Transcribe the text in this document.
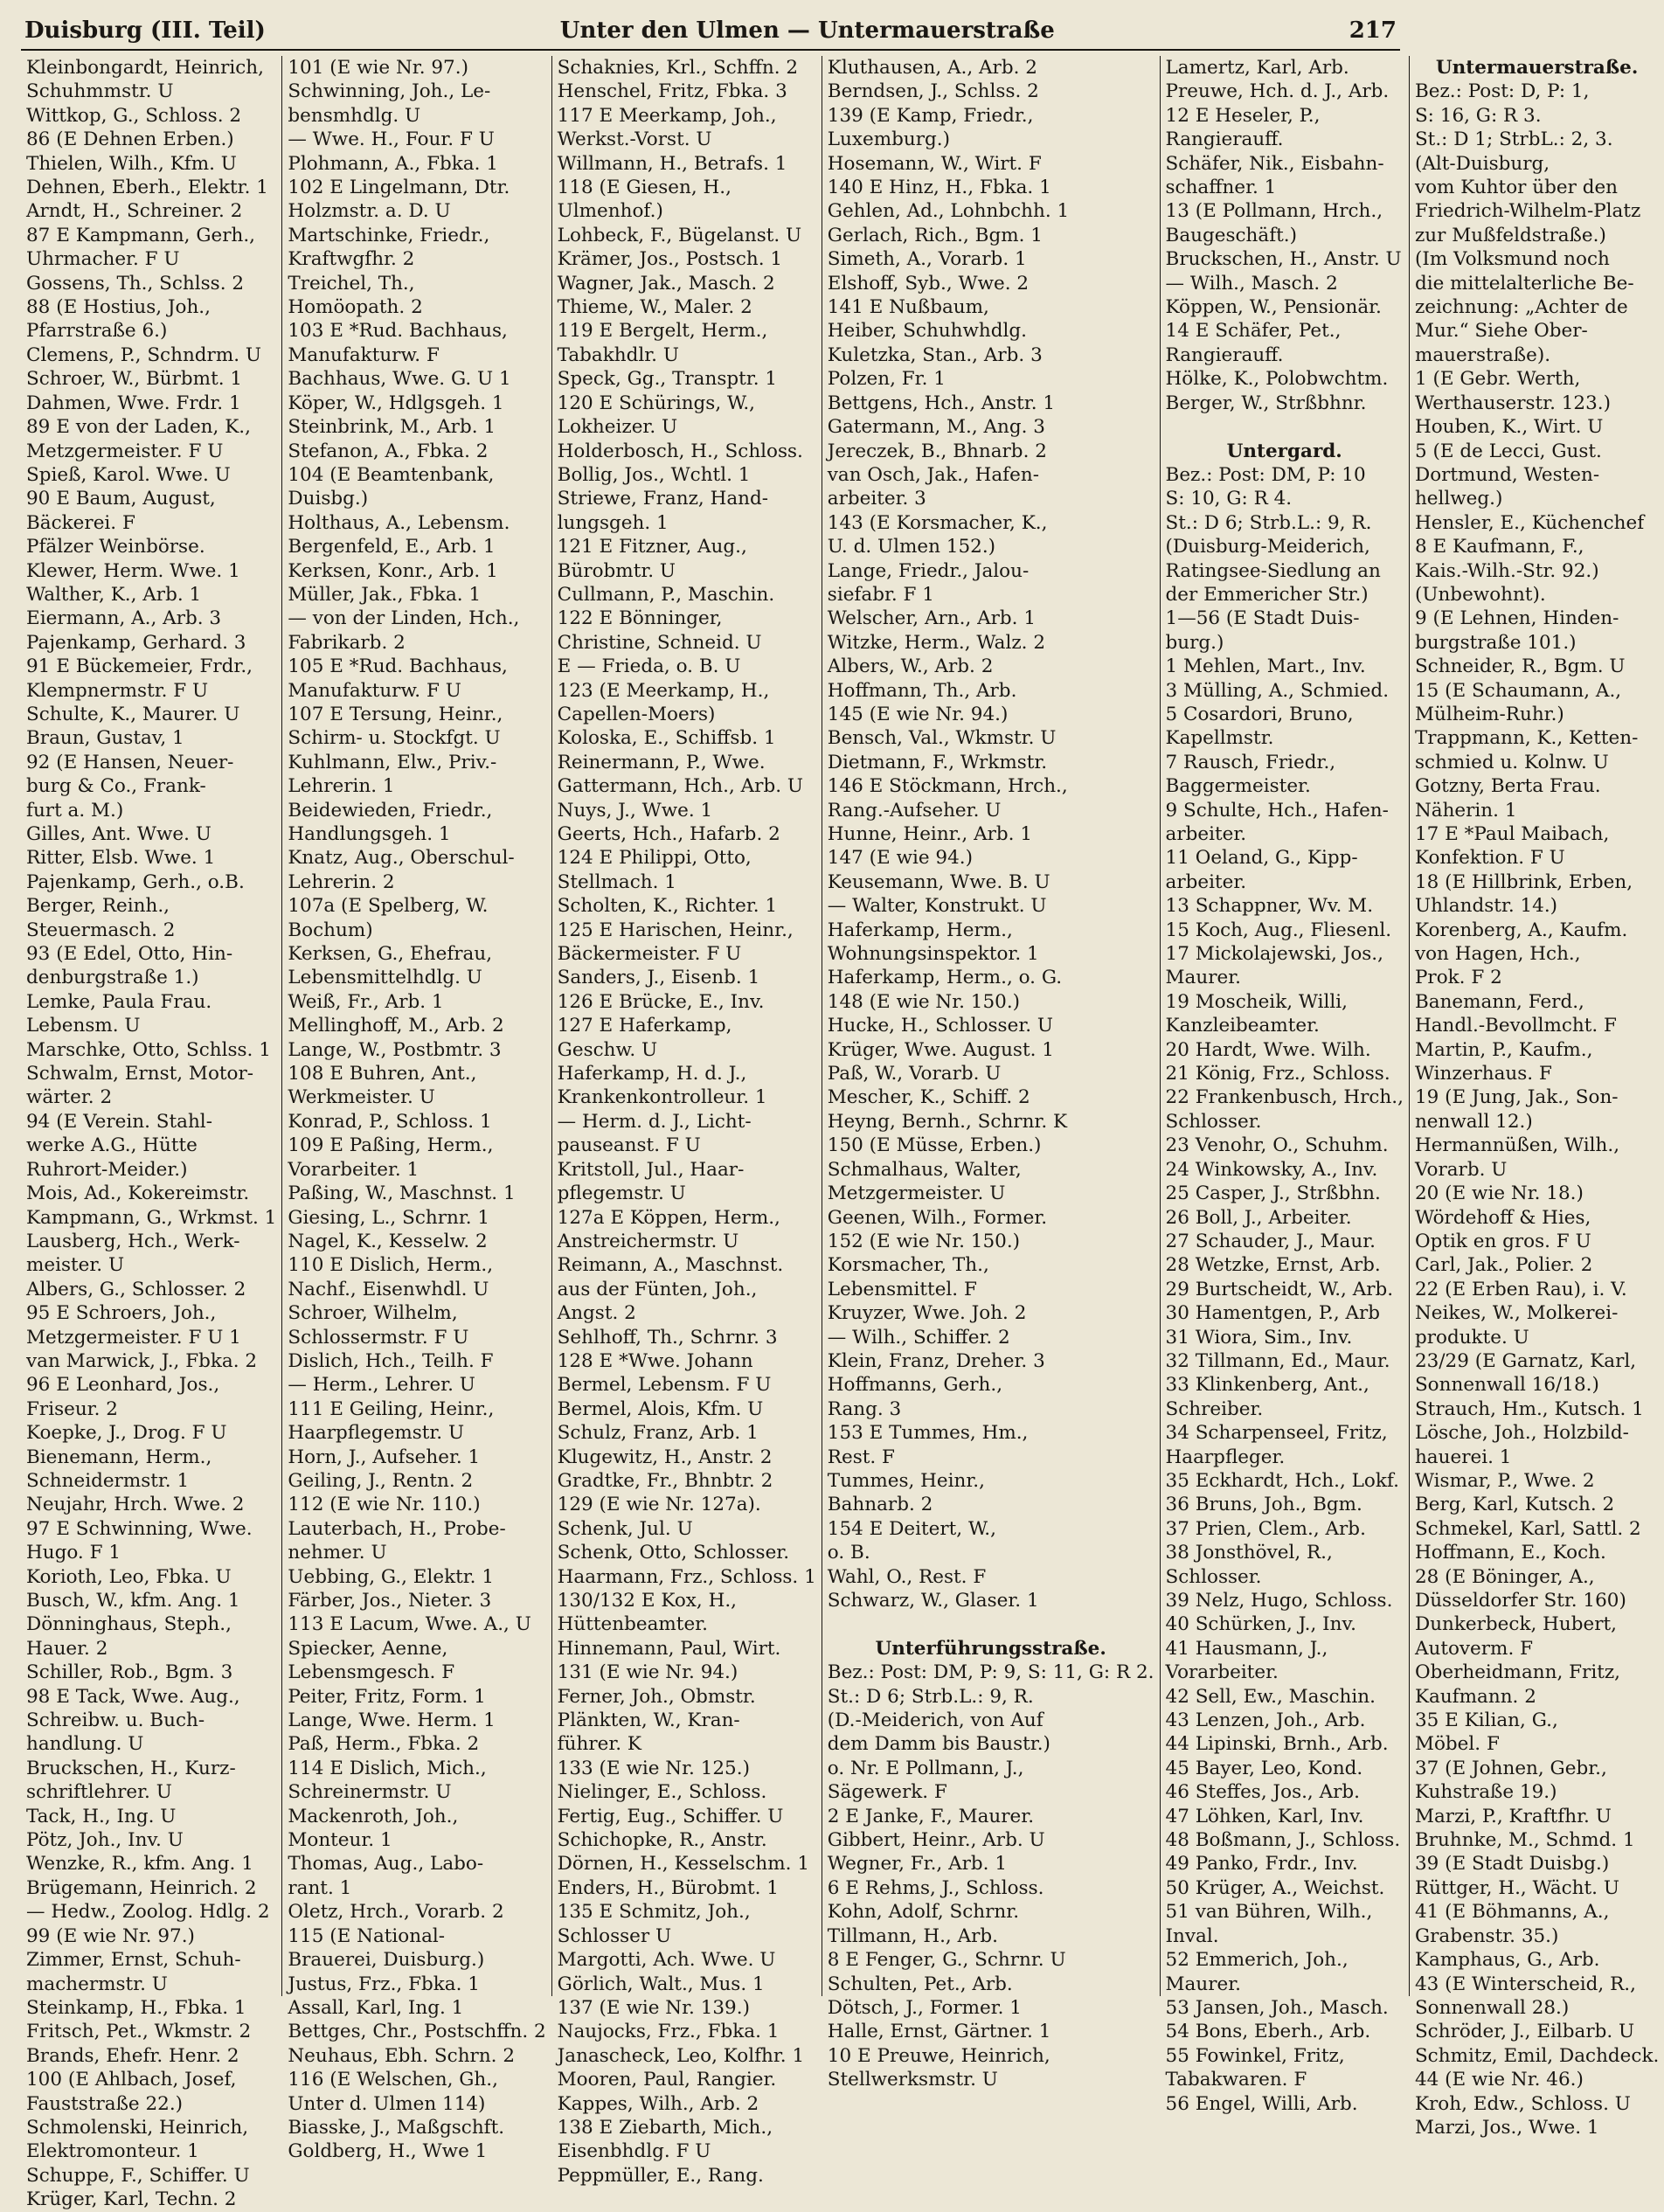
Duisburg (III. Teil)	Unter den Ulmen — Untermauerstraße	217
Kleinbongardt, Heinrich,
Schuhmmstr. U
Wittkop, G., Schloss. 2
86 (E Dehnen Erben.)
Thielen, Wilh., Kfm. U
Dehnen, Eberh., Elektr. 1
Arndt, H., Schreiner. 2
87 E Kampmann, Gerh.,
Uhrmacher. F U
Gossens, Th., Schlss. 2
88 (E Hostius, Joh.,
Pfarrstraße 6.)
Clemens, P., Schndrm. U
Schroer, W., Bürbmt. 1
Dahmen, Wwe. Frdr. 1
89 E von der Laden, K.,
Metzgermeister. F U
Spieß, Karol. Wwe. U
90 E Baum, August,
Bäckerei. F
Pfälzer Weinbörse.
Klewer, Herm. Wwe. 1
Walther, K., Arb. 1
Eiermann, A., Arb. 3
Pajenkamp, Gerhard. 3
91 E Bückemeier, Frdr.,
Klempnermstr. F U
Schulte, K., Maurer. U
Braun, Gustav, 1
92 (E Hansen, Neuer-
burg & Co., Frank-
furt a. M.)
Gilles, Ant. Wwe. U
Ritter, Elsb. Wwe. 1
Pajenkamp, Gerh., o.B.
Berger, Reinh.,
Steuermasch. 2
93 (E Edel, Otto, Hin-
denburgstraße 1.)
Lemke, Paula Frau.
Lebensm. U
Marschke, Otto, Schlss. 1
Schwalm, Ernst, Motor-
wärter. 2
94 (E Verein. Stahl-
werke A.G., Hütte
Ruhrort-Meider.)
Mois, Ad., Kokereimstr.
Kampmann, G., Wrkmst. 1
Lausberg, Hch., Werk-
meister. U
Albers, G., Schlosser. 2
95 E Schroers, Joh.,
Metzgermeister. F U 1
van Marwick, J., Fbka. 2
96 E Leonhard, Jos.,
Friseur. 2
Koepke, J., Drog. F U
Bienemann, Herm.,
Schneidermstr. 1
Neujahr, Hrch. Wwe. 2
97 E Schwinning, Wwe.
Hugo. F 1
Korioth, Leo, Fbka. U
Busch, W., kfm. Ang. 1
Dönninghaus, Steph.,
Hauer. 2
Schiller, Rob., Bgm. 3
98 E Tack, Wwe. Aug.,
Schreibw. u. Buch-
handlung. U
Bruckschen, H., Kurz-
schriftlehrer. U
Tack, H., Ing. U
Pötz, Joh., Inv. U
Wenzke, R., kfm. Ang. 1
Brügemann, Heinrich. 2
— Hedw., Zoolog. Hdlg. 2
99 (E wie Nr. 97.)
Zimmer, Ernst, Schuh-
machermstr. U
Steinkamp, H., Fbka. 1
Fritsch, Pet., Wkmstr. 2
Brands, Ehefr. Henr. 2
100 (E Ahlbach, Josef,
Fauststraße 22.)
Schmolenski, Heinrich,
Elektromonteur. 1
Schuppe, F., Schiffer. U
Krüger, Karl, Techn. 2
101 (E wie Nr. 97.)
Schwinning, Joh., Le-
bensmhdlg. U
— Wwe. H., Four. F U
Plohmann, A., Fbka. 1
102 E Lingelmann, Dtr.
Holzmstr. a. D. U
Martschinke, Friedr.,
Kraftwgfhr. 2
Treichel, Th.,
Homöopath. 2
103 E *Rud. Bachhaus,
Manufakturw. F
Bachhaus, Wwe. G. U 1
Köper, W., Hdlgsgeh. 1
Steinbrink, M., Arb. 1
Stefanon, A., Fbka. 2
104 (E Beamtenbank,
Duisbg.)
Holthaus, A., Lebensm.
Bergenfeld, E., Arb. 1
Kerksen, Konr., Arb. 1
Müller, Jak., Fbka. 1
— von der Linden, Hch.,
Fabrikarb. 2
105 E *Rud. Bachhaus,
Manufakturw. F U
107 E Tersung, Heinr.,
Schirm- u. Stockfgt. U
Kuhlmann, Elw., Priv.-
Lehrerin. 1
Beidewieden, Friedr.,
Handlungsgeh. 1
Knatz, Aug., Oberschul-
Lehrerin. 2
107a (E Spelberg, W.
Bochum)
Kerksen, G., Ehefrau,
Lebensmittelhdlg. U
Weiß, Fr., Arb. 1
Mellinghoff, M., Arb. 2
Lange, W., Postbmtr. 3
108 E Buhren, Ant.,
Werkmeister. U
Konrad, P., Schloss. 1
109 E Paßing, Herm.,
Vorarbeiter. 1
Paßing, W., Maschnst. 1
Giesing, L., Schrnr. 1
Nagel, K., Kesselw. 2
110 E Dislich, Herm.,
Nachf., Eisenwhdl. U
Schroer, Wilhelm,
Schlossermstr. F U
Dislich, Hch., Teilh. F
— Herm., Lehrer. U
111 E Geiling, Heinr.,
Haarpflegemstr. U
Horn, J., Aufseher. 1
Geiling, J., Rentn. 2
112 (E wie Nr. 110.)
Lauterbach, H., Probe-
nehmer. U
Uebbing, G., Elektr. 1
Färber, Jos., Nieter. 3
113 E Lacum, Wwe. A., U
Spiecker, Aenne,
Lebensmgesch. F
Peiter, Fritz, Form. 1
Lange, Wwe. Herm. 1
Paß, Herm., Fbka. 2
114 E Dislich, Mich.,
Schreinermstr. U
Mackenroth, Joh.,
Monteur. 1
Thomas, Aug., Labo-
rant. 1
Oletz, Hrch., Vorarb. 2
115 (E National-
Brauerei, Duisburg.)
Justus, Frz., Fbka. 1
Assall, Karl, Ing. 1
Bettges, Chr., Postschffn. 2
Neuhaus, Ebh. Schrn. 2
116 (E Welschen, Gh.,
Unter d. Ulmen 114)
Biasske, J., Maßgschft.
Goldberg, H., Wwe 1
Schaknies, Krl., Schffn. 2
Henschel, Fritz, Fbka. 3
117 E Meerkamp, Joh.,
Werkst.-Vorst. U
Willmann, H., Betrafs. 1
118 (E Giesen, H.,
Ulmenhof.)
Lohbeck, F., Bügelanst. U
Krämer, Jos., Postsch. 1
Wagner, Jak., Masch. 2
Thieme, W., Maler. 2
119 E Bergelt, Herm.,
Tabakhdlr. U
Speck, Gg., Transptr. 1
120 E Schürings, W.,
Lokheizer. U
Holderbosch, H., Schloss.
Bollig, Jos., Wchtl. 1
Striewe, Franz, Hand-
lungsgeh. 1
121 E Fitzner, Aug.,
Bürobmtr. U
Cullmann, P., Maschin.
122 E Bönninger,
Christine, Schneid. U
E — Frieda, o. B. U
123 (E Meerkamp, H.,
Capellen-Moers)
Koloska, E., Schiffsb. 1
Reinermann, P., Wwe.
Gattermann, Hch., Arb. U
Nuys, J., Wwe. 1
Geerts, Hch., Hafarb. 2
124 E Philippi, Otto,
Stellmach. 1
Scholten, K., Richter. 1
125 E Harischen, Heinr.,
Bäckermeister. F U
Sanders, J., Eisenb. 1
126 E Brücke, E., Inv.
127 E Haferkamp,
Geschw. U
Haferkamp, H. d. J.,
Krankenkontrolleur. 1
— Herm. d. J., Licht-
pauseanst. F U
Kritstoll, Jul., Haar-
pflegemstr. U
127a E Köppen, Herm.,
Anstreichermstr. U
Reimann, A., Maschnst.
aus der Fünten, Joh.,
Angst. 2
Sehlhoff, Th., Schrnr. 3
128 E *Wwe. Johann
Bermel, Lebensm. F U
Bermel, Alois, Kfm. U
Schulz, Franz, Arb. 1
Klugewitz, H., Anstr. 2
Gradtke, Fr., Bhnbtr. 2
129 (E wie Nr. 127a).
Schenk, Jul. U
Schenk, Otto, Schlosser.
Haarmann, Frz., Schloss. 1
130/132 E Kox, H.,
Hüttenbeamter.
Hinnemann, Paul, Wirt.
131 (E wie Nr. 94.)
Ferner, Joh., Obmstr.
Plänkten, W., Kran-
führer. K
133 (E wie Nr. 125.)
Nielinger, E., Schloss.
Fertig, Eug., Schiffer. U
Schichopke, R., Anstr.
Dörnen, H., Kesselschm. 1
Enders, H., Bürobmt. 1
135 E Schmitz, Joh.,
Schlosser U
Margotti, Ach. Wwe. U
Görlich, Walt., Mus. 1
137 (E wie Nr. 139.)
Naujocks, Frz., Fbka. 1
Janascheck, Leo, Kolfhr. 1
Mooren, Paul, Rangier.
Kappes, Wilh., Arb. 2
138 E Ziebarth, Mich.,
Eisenbhdlg. F U
Peppmüller, E., Rang.
Kluthausen, A., Arb. 2
Berndsen, J., Schlss. 2
139 (E Kamp, Friedr.,
Luxemburg.)
Hosemann, W., Wirt. F
140 E Hinz, H., Fbka. 1
Gehlen, Ad., Lohnbchh. 1
Gerlach, Rich., Bgm. 1
Simeth, A., Vorarb. 1
Elshoff, Syb., Wwe. 2
141 E Nußbaum,
Heiber, Schuhwhdlg.
Kuletzka, Stan., Arb. 3
Polzen, Fr. 1
Bettgens, Hch., Anstr. 1
Gatermann, M., Ang. 3
Jereczek, B., Bhnarb. 2
van Osch, Jak., Hafen-
arbeiter. 3
143 (E Korsmacher, K.,
U. d. Ulmen 152.)
Lange, Friedr., Jalou-
siefabr. F 1
Welscher, Arn., Arb. 1
Witzke, Herm., Walz. 2
Albers, W., Arb. 2
Hoffmann, Th., Arb.
145 (E wie Nr. 94.)
Bensch, Val., Wkmstr. U
Dietmann, F., Wrkmstr.
146 E Stöckmann, Hrch.,
Rang.-Aufseher. U
Hunne, Heinr., Arb. 1
147 (E wie 94.)
Keusemann, Wwe. B. U
— Walter, Konstrukt. U
Haferkamp, Herm.,
Wohnungsinspektor. 1
Haferkamp, Herm., o. G.
148 (E wie Nr. 150.)
Hucke, H., Schlosser. U
Krüger, Wwe. August. 1
Paß, W., Vorarb. U
Mescher, K., Schiff. 2
Heyng, Bernh., Schrnr. K
150 (E Müsse, Erben.)
Schmalhaus, Walter,
Metzgermeister. U
Geenen, Wilh., Former.
152 (E wie Nr. 150.)
Korsmacher, Th.,
Lebensmittel. F
Kruyzer, Wwe. Joh. 2
— Wilh., Schiffer. 2
Klein, Franz, Dreher. 3
Hoffmanns, Gerh.,
Rang. 3
153 E Tummes, Hm.,
Rest. F
Tummes, Heinr.,
Bahnarb. 2
154 E Deitert, W.,
o. B.
Wahl, O., Rest. F
Schwarz, W., Glaser. 1

Unterführungsstraße.
Bez.: Post: DM, P: 9, S: 11, G: R 2.
St.: D 6; Strb.L.: 9, R.
(D.-Meiderich, von Auf
dem Damm bis Baustr.)
o. Nr. E Pollmann, J.,
Sägewerk. F
2 E Janke, F., Maurer.
Gibbert, Heinr., Arb. U
Wegner, Fr., Arb. 1
6 E Rehms, J., Schloss.
Kohn, Adolf, Schrnr.
Tillmann, H., Arb.
8 E Fenger, G., Schrnr. U
Schulten, Pet., Arb.
Dötsch, J., Former. 1
Halle, Ernst, Gärtner. 1
10 E Preuwe, Heinrich,
Stellwerksmstr. U
Lamertz, Karl, Arb.
Preuwe, Hch. d. J., Arb.
12 E Heseler, P.,
Rangierauff.
Schäfer, Nik., Eisbahn-
schaffner. 1
13 (E Pollmann, Hrch.,
Baugeschäft.)
Bruckschen, H., Anstr. U
— Wilh., Masch. 2
Köppen, W., Pensionär.
14 E Schäfer, Pet.,
Rangierauff.
Hölke, K., Polobwchtm.
Berger, W., Strßbhnr.

Untergard.
Bez.: Post: DM, P: 10
S: 10, G: R 4.
St.: D 6; Strb.L.: 9, R.
(Duisburg-Meiderich,
Ratingsee-Siedlung an
der Emmericher Str.)
1—56 (E Stadt Duis-
burg.)
1 Mehlen, Mart., Inv.
3 Mülling, A., Schmied.
5 Cosardori, Bruno,
Kapellmstr.
7 Rausch, Friedr.,
Baggermeister.
9 Schulte, Hch., Hafen-
arbeiter.
11 Oeland, G., Kipp-
arbeiter.
13 Schappner, Wv. M.
15 Koch, Aug., Fliesenl.
17 Mickolajewski, Jos.,
Maurer.
19 Moscheik, Willi,
Kanzleibeamter.
20 Hardt, Wwe. Wilh.
21 König, Frz., Schloss.
22 Frankenbusch, Hrch.,
Schlosser.
23 Venohr, O., Schuhm.
24 Winkowsky, A., Inv.
25 Casper, J., Strßbhn.
26 Boll, J., Arbeiter.
27 Schauder, J., Maur.
28 Wetzke, Ernst, Arb.
29 Burtscheidt, W., Arb.
30 Hamentgen, P., Arb
31 Wiora, Sim., Inv.
32 Tillmann, Ed., Maur.
33 Klinkenberg, Ant.,
Schreiber.
34 Scharpenseel, Fritz,
Haarpfleger.
35 Eckhardt, Hch., Lokf.
36 Bruns, Joh., Bgm.
37 Prien, Clem., Arb.
38 Jonsthövel, R.,
Schlosser.
39 Nelz, Hugo, Schloss.
40 Schürken, J., Inv.
41 Hausmann, J.,
Vorarbeiter.
42 Sell, Ew., Maschin.
43 Lenzen, Joh., Arb.
44 Lipinski, Brnh., Arb.
45 Bayer, Leo, Kond.
46 Steffes, Jos., Arb.
47 Löhken, Karl, Inv.
48 Boßmann, J., Schloss.
49 Panko, Frdr., Inv.
50 Krüger, A., Weichst.
51 van Bühren, Wilh.,
Inval.
52 Emmerich, Joh.,
Maurer.
53 Jansen, Joh., Masch.
54 Bons, Eberh., Arb.
55 Fowinkel, Fritz,
Tabakwaren. F
56 Engel, Willi, Arb.
Untermauerstraße.
Bez.: Post: D, P: 1,
S: 16, G: R 3.
St.: D 1; StrbL.: 2, 3.
(Alt-Duisburg,
vom Kuhtor über den
Friedrich-Wilhelm-Platz
zur Mußfeldstraße.)
(Im Volksmund noch
die mittelalterliche Be-
zeichnung: „Achter de
Mur.“ Siehe Ober-
mauerstraße).
1 (E Gebr. Werth,
Werthauserstr. 123.)
Houben, K., Wirt. U
5 (E de Lecci, Gust.
Dortmund, Westen-
hellweg.)
Hensler, E., Küchenchef
8 E Kaufmann, F.,
Kais.-Wilh.-Str. 92.)
(Unbewohnt).
9 (E Lehnen, Hinden-
burgstraße 101.)
Schneider, R., Bgm. U
15 (E Schaumann, A.,
Mülheim-Ruhr.)
Trappmann, K., Ketten-
schmied u. Kolnw. U
Gotzny, Berta Frau.
Näherin. 1
17 E *Paul Maibach,
Konfektion. F U
18 (E Hillbrink, Erben,
Uhlandstr. 14.)
Korenberg, A., Kaufm.
von Hagen, Hch.,
Prok. F 2
Banemann, Ferd.,
Handl.-Bevollmcht. F
Martin, P., Kaufm.,
Winzerhaus. F
19 (E Jung, Jak., Son-
nenwall 12.)
Hermannüßen, Wilh.,
Vorarb. U
20 (E wie Nr. 18.)
Wördehoff & Hies,
Optik en gros. F U
Carl, Jak., Polier. 2
22 (E Erben Rau), i. V.
Neikes, W., Molkerei-
produkte. U
23/29 (E Garnatz, Karl,
Sonnenwall 16/18.)
Strauch, Hm., Kutsch. 1
Lösche, Joh., Holzbild-
hauerei. 1
Wismar, P., Wwe. 2
Berg, Karl, Kutsch. 2
Schmekel, Karl, Sattl. 2
Hoffmann, E., Koch.
28 (E Böninger, A.,
Düsseldorfer Str. 160)
Dunkerbeck, Hubert,
Autoverm. F
Oberheidmann, Fritz,
Kaufmann. 2
35 E Kilian, G.,
Möbel. F
37 (E Johnen, Gebr.,
Kuhstraße 19.)
Marzi, P., Kraftfhr. U
Bruhnke, M., Schmd. 1
39 (E Stadt Duisbg.)
Rüttger, H., Wächt. U
41 (E Böhmanns, A.,
Grabenstr. 35.)
Kamphaus, G., Arb.
43 (E Winterscheid, R.,
Sonnenwall 28.)
Schröder, J., Eilbarb. U
Schmitz, Emil, Dachdeck.
44 (E wie Nr. 46.)
Kroh, Edw., Schloss. U
Marzi, Jos., Wwe. 1
